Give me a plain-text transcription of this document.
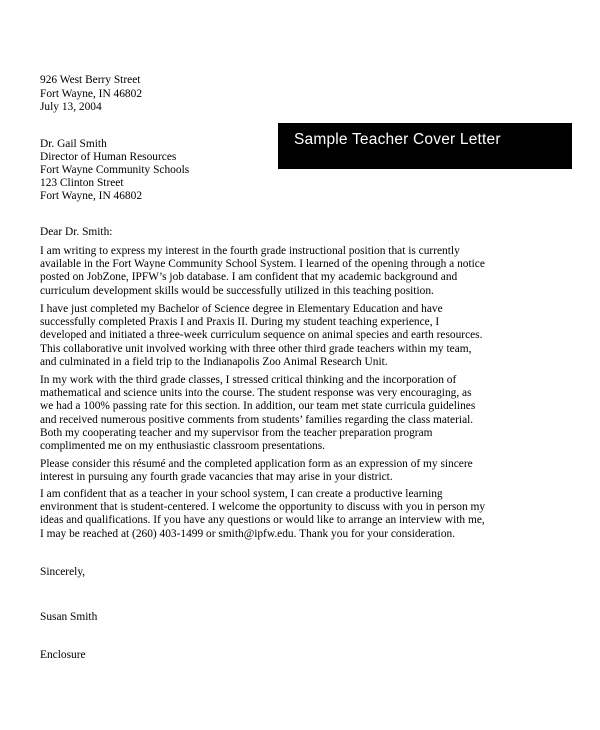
926 West Berry Street
Fort Wayne, IN 46802
July 13, 2004
Sample Teacher Cover Letter
Dr. Gail Smith
Director of Human Resources
Fort Wayne Community Schools
123 Clinton Street
Fort Wayne, IN 46802
Dear Dr. Smith:
I am writing to express my interest in the fourth grade instructional position that is currently
available in the Fort Wayne Community School System. I learned of the opening through a notice
posted on JobZone, IPFW’s job database. I am confident that my academic background and
curriculum development skills would be successfully utilized in this teaching position.
I have just completed my Bachelor of Science degree in Elementary Education and have
successfully completed Praxis I and Praxis II. During my student teaching experience, I
developed and initiated a three-week curriculum sequence on animal species and earth resources.
This collaborative unit involved working with three other third grade teachers within my team,
and culminated in a field trip to the Indianapolis Zoo Animal Research Unit.
In my work with the third grade classes, I stressed critical thinking and the incorporation of
mathematical and science units into the course. The student response was very encouraging, as
we had a 100% passing rate for this section. In addition, our team met state curricula guidelines
and received numerous positive comments from students’ families regarding the class material.
Both my cooperating teacher and my supervisor from the teacher preparation program
complimented me on my enthusiastic classroom presentations.
Please consider this résumé and the completed application form as an expression of my sincere
interest in pursuing any fourth grade vacancies that may arise in your district.
I am confident that as a teacher in your school system, I can create a productive learning
environment that is student-centered. I welcome the opportunity to discuss with you in person my
ideas and qualifications. If you have any questions or would like to arrange an interview with me,
I may be reached at (260) 403-1499 or smith@ipfw.edu. Thank you for your consideration.
Sincerely,
Susan Smith
Enclosure
